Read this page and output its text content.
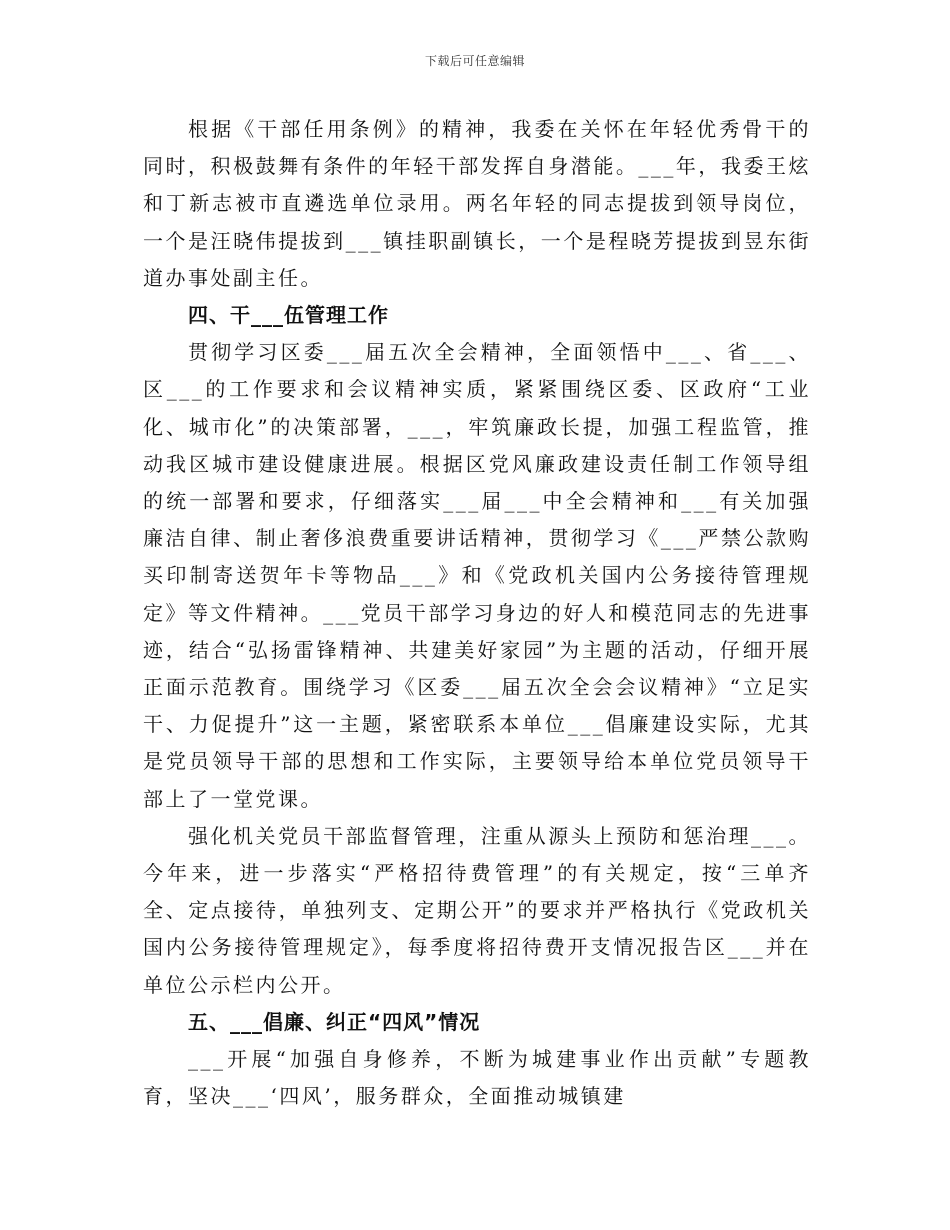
下载后可任意编辑

根据《干部任用条例》的精神，我委在关怀在年轻优秀骨干的同时，积极鼓舞有条件的年轻干部发挥自身潜能。___年，我委王炫和丁新志被市直遴选单位录用。两名年轻的同志提拔到领导岗位，一个是汪晓伟提拔到___镇挂职副镇长，一个是程晓芳提拔到昱东街道办事处副主任。

四、干___伍管理工作

贯彻学习区委___届五次全会精神，全面领悟中___、省___、区___的工作要求和会议精神实质，紧紧围绕区委、区政府“工业化、城市化”的决策部署，___，牢筑廉政长提，加强工程监管，推动我区城市建设健康进展。根据区党风廉政建设责任制工作领导组的统一部署和要求，仔细落实___届___中全会精神和___有关加强廉洁自律、制止奢侈浪费重要讲话精神，贯彻学习《___严禁公款购买印制寄送贺年卡等物品___》和《党政机关国内公务接待管理规定》等文件精神。___党员干部学习身边的好人和模范同志的先进事迹，结合“弘扬雷锋精神、共建美好家园”为主题的活动，仔细开展正面示范教育。围绕学习《区委___届五次全会会议精神》“立足实干、力促提升”这一主题，紧密联系本单位___倡廉建设实际，尤其是党员领导干部的思想和工作实际，主要领导给本单位党员领导干部上了一堂党课。

强化机关党员干部监督管理，注重从源头上预防和惩治理___。今年来，进一步落实“严格招待费管理”的有关规定，按“三单齐全、定点接待，单独列支、定期公开”的要求并严格执行《党政机关国内公务接待管理规定》，每季度将招待费开支情况报告区___并在单位公示栏内公开。

五、___倡廉、纠正“四风”情况

___开展“加强自身修养，不断为城建事业作出贡献”专题教育，坚决___‘四风’，服务群众，全面推动城镇建
